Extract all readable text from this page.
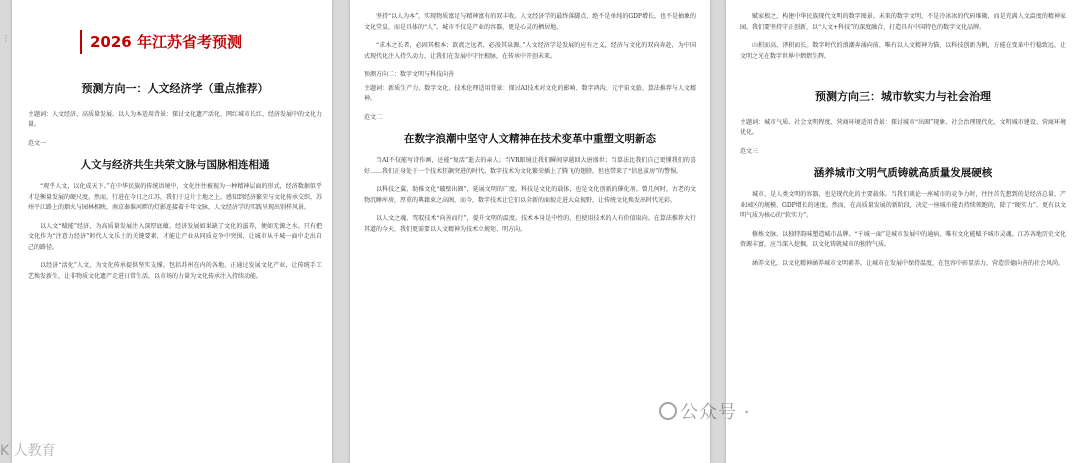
⋮	2026 年江苏省考预测
预测方向一：人文经济学（重点推荐）

主题词：人文经济、高质量发展、以人为本适用背景：探讨文化遗产活化、网红城市长红、经济发展中的文化力量。

范文一
人文与经济共生共荣文脉与国脉相连相通

“观乎人文，以化成天下。”在中华民族的传统语境中，文化往往被视为一种精神层面的形式，经济数据似乎才是衡量发展的硬尺度。然而，行进在今日之江苏，我们于这片土地之上，感知到经济繁荣与文化传承交织，苏州平江路上的烟火与园林相映，南京秦淮河畔的灯影连接着千年文脉，人文经济学的实践呈现出别样风景。

以人文“赋能”经济，为高质量发展注入深厚底蕴。经济发展如果缺了文化的滋养，便如无源之水。只有把文化作为“注意力经济”时代人文乐土的关键要素，才能让产业从同质竞争中突围，让城市从千城一面中走出自己的路径。

以经济“活化”人文，为文化传承提供坚实支撑。包括苏州在内的各地，正通过发展文化产业，让传统手工艺焕发新生，让非物质文化遗产走进日常生活，以市场的力量为文化传承注入持续动能。

坚持“以人为本”，实现物质富足与精神富有的双丰收。人文经济学的最终落脚点，绝不是单纯的GDP增长，也不是抽象的文化堂皇，而是具体的“人”。城市不仅是产业的容器，更是心灵的栖居地。

“求木之长者，必固其根本；欲流之远者，必浚其泉源。”人文经济学是发展的应有之义，经济与文化的双向奔赴，为中国式现代化注入持久动力，让我们在发展中守住根脉，在传承中开创未来。

预测方向二：数字文明与科技向善

主题词：新质生产力、数字文化、技术伦理适用背景：探讨AI技术对文化的影响、数字鸿沟、元宇宙文旅、算法推荐与人文精神。

范文二
在数字浪潮中坚守人文精神在技术变革中重塑文明新态

当AI不仅能写诗作画，还能“复活”逝去的亲人；当VR眼镜让我们瞬间穿越回大唐盛世；当算法比我们自己更懂我们的喜好……我们正身处于一个技术狂飙突进的时代。数字技术为文化繁荣插上了腾飞的翅膀，但也带来了“信息茧房”的警惕。

以科技之翼，助推文化“破壁出圈”，延展文明的广度。科技是文化的载体，也是文化创新的催化剂。曾几何时，古老的文物沉睡库房，厚重的典籍束之高阁，而今，数字技术让它们以全新的面貌走进大众视野，让传统文化焕发出时代光彩。

以人文之魂，驾驭技术“向善而行”，提升文明的温度。技术本身是中性的，但使用技术的人有价值取向。在算法推荐大行其道的今天，我们更需要以人文精神为技术立规矩、明方向。

赋家根之，构建中华民族现代文明的数字图景。未来的数字文明，不是冷冰冰的代码堆砌，而是充满人文温度的精神家园。我们要坚持守正创新，以“人文+科技”的深度融合，打造具有中国特色的数字文化品牌。

山积而高，泽积而长。数字时代的浪潮奔涌向前，唯有以人文精神为锚，以科技创新为帆，方能在变革中行稳致远，让文明之光在数字世界中熠熠生辉。

预测方向三：城市软实力与社会治理

主题词：城市气质、社会文明程度、营商环境适用背景：探讨城市“出圈”现象、社会治理现代化、文明城市建设、营商环境优化。

范文三
涵养城市文明气质铸就高质量发展硬核

城市，是人类文明的容器，也是现代化的主要载体。当我们谈论一座城市的竞争力时，往往首先想到的是经济总量、产业园区的规模、GDP增长的速度。然而，在高质量发展的新阶段，决定一座城市能否持续领跑的，除了“硬实力”，更有以文明气质为核心的“软实力”。

修炼文脉，以独特韵味塑造城市品牌。“千城一面”是城市发展中的通病，唯有文化能赋予城市灵魂。江苏各地历史文化资源丰富，应当深入挖掘，以文化铸就城市的独特气质。

涵养文化，以文化精神涵养城市文明素养，让城市在发展中保持温度，在包容中彰显活力，营造崇德向善的社会风尚。

公众号 ·
K 人教育
